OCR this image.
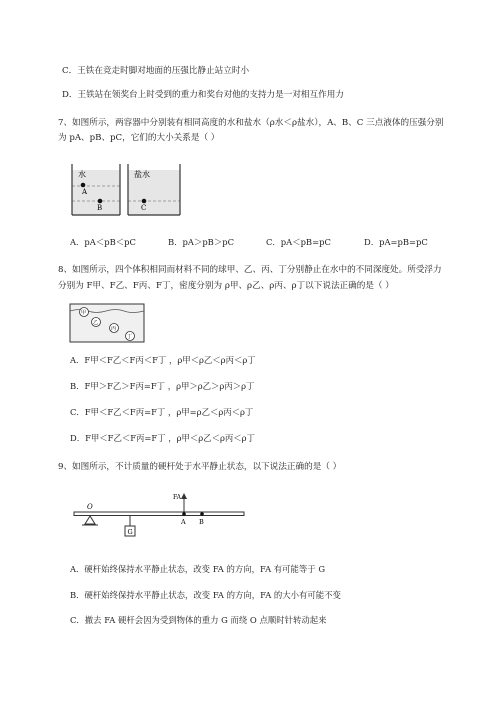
C．王铁在竞走时脚对地面的压强比静止站立时小
D．王铁站在领奖台上时受到的重力和奖台对他的支持力是一对相互作用力
7、如图所示，两容器中分别装有相同高度的水和盐水（ρ水＜ρ盐水），A、B、C 三点液体的压强分别
为 pA、pB、pC，它们的大小关系是（ ）
水
A
B
盐水
C
A．pA＜pB＜pC	B．pA＞pB＞pC	C．pA＜pB=pC	D．pA=pB=pC
8、如图所示，四个体积相同而材料不同的球甲、乙、丙、丁分别静止在水中的不同深度处。所受浮力
分别为 F甲、F乙、F丙、F丁，密度分别为 ρ甲、ρ乙、ρ丙、ρ丁以下说法正确的是（ ）
甲
乙
丙
丁
A．F甲＜F乙＜F丙＜F丁 ，ρ甲＜ρ乙＜ρ丙＜ρ丁
B．F甲＞F乙＞F丙=F丁 ，ρ甲＞ρ乙＞ρ丙＞ρ丁
C．F甲＜F乙＜F丙=F丁 ，ρ甲=ρ乙＜ρ丙＜ρ丁
D．F甲＜F乙＜F丙=F丁 ，ρ甲＜ρ乙＜ρ丙＜ρ丁
9、如图所示，不计质量的硬杆处于水平静止状态，以下说法正确的是（ ）
O
G
FA
A B
A．硬杆始终保持水平静止状态，改变 FA 的方向，FA 有可能等于 G
B．硬杆始终保持水平静止状态，改变 FA 的方向，FA 的大小有可能不变
C．撤去 FA 硬杆会因为受到物体的重力 G 而绕 O 点顺时针转动起来
